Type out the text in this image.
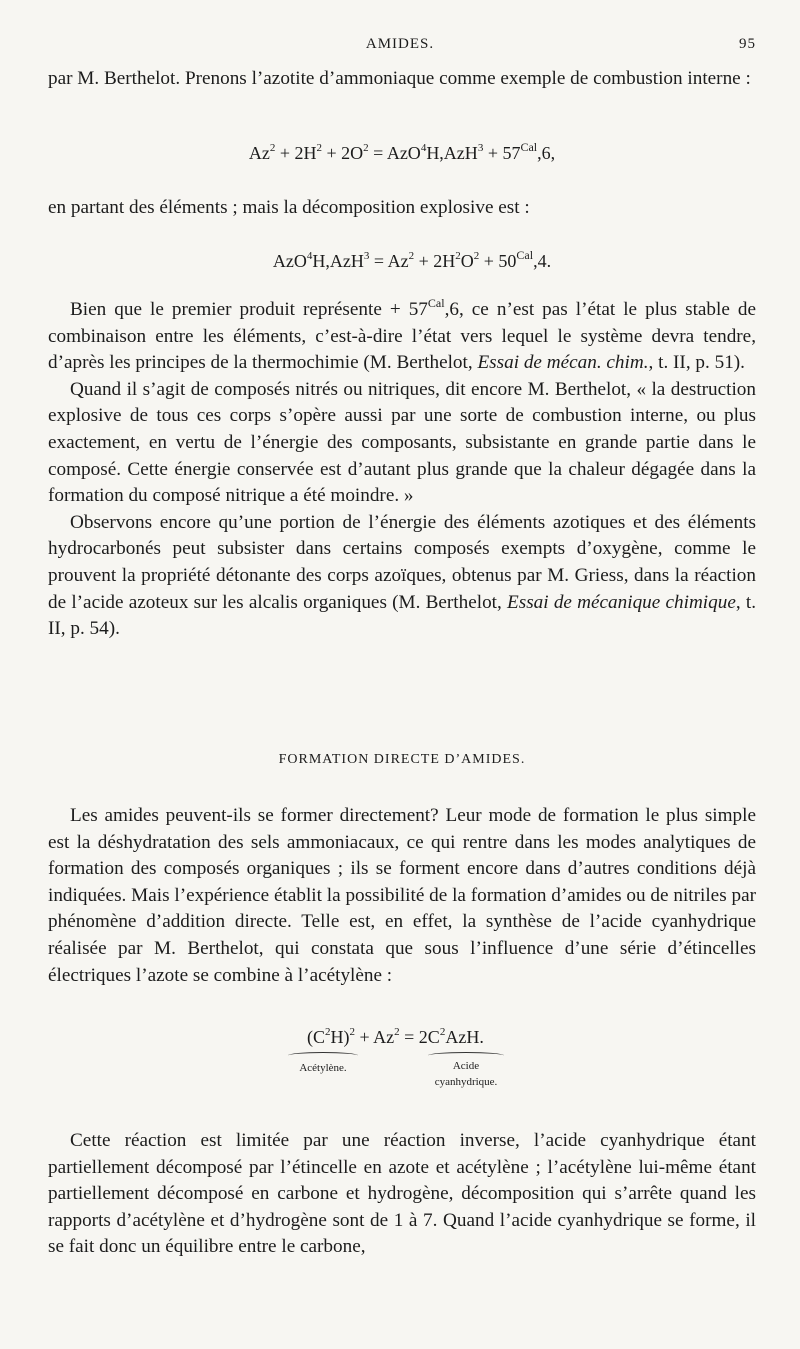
AMIDES.	95

par M. Berthelot. Prenons l’azotite d’ammoniaque comme exemple de combustion interne :

$Az^2 + 2H^2 + 2O^2 = AzO^4H,AzH^3 + 57^{Cal},6$,

en partant des éléments ; mais la décomposition explosive est :

$AzO^4H,AzH^3 = Az^2 + 2H^2O^2 + 50^{Cal},4$.

Bien que le premier produit représente + $57^{Cal},6$, ce n’est pas l’état le plus stable de combinaison entre les éléments, c’est-à-dire l’état vers lequel le système devra tendre, d’après les principes de la thermochimie (M. Berthelot, Essai de mécan. chim., t. II, p. 51).

Quand il s’agit de composés nitrés ou nitriques, dit encore M. Berthelot, « la destruction explosive de tous ces corps s’opère aussi par une sorte de combustion interne, ou plus exactement, en vertu de l’énergie des composants, subsistante en grande partie dans le composé. Cette énergie conservée est d’autant plus grande que la chaleur dégagée dans la formation du composé nitrique a été moindre. »

Observons encore qu’une portion de l’énergie des éléments azotiques et des éléments hydrocarbonés peut subsister dans certains composés exempts d’oxygène, comme le prouvent la propriété détonante des corps azoïques, obtenus par M. Griess, dans la réaction de l’acide azoteux sur les alcalis organiques (M. Berthelot, Essai de mécanique chimique, t. II, p. 54).

FORMATION DIRECTE D’AMIDES.

Les amides peuvent-ils se former directement? Leur mode de formation le plus simple est la déshydratation des sels ammoniacaux, ce qui rentre dans les modes analytiques de formation des composés organiques ; ils se forment encore dans d’autres conditions déjà indiquées. Mais l’expérience établit la possibilité de la formation d’amides ou de nitriles par phénomène d’addition directe. Telle est, en effet, la synthèse de l’acide cyanhydrique réalisée par M. Berthelot, qui constata que sous l’influence d’une série d’étincelles électriques l’azote se combine à l’acétylène :

$(C^2H)^2 + Az^2 = 2C^2AzH$.
Acétylène.	Acide
cyanhydrique.

Cette réaction est limitée par une réaction inverse, l’acide cyanhydrique étant partiellement décomposé par l’étincelle en azote et acétylène ; l’acétylène lui-même étant partiellement décomposé en carbone et hydrogène, décomposition qui s’arrête quand les rapports d’acétylène et d’hydrogène sont de 1 à 7. Quand l’acide cyanhydrique se forme, il se fait donc un équilibre entre le carbone,
